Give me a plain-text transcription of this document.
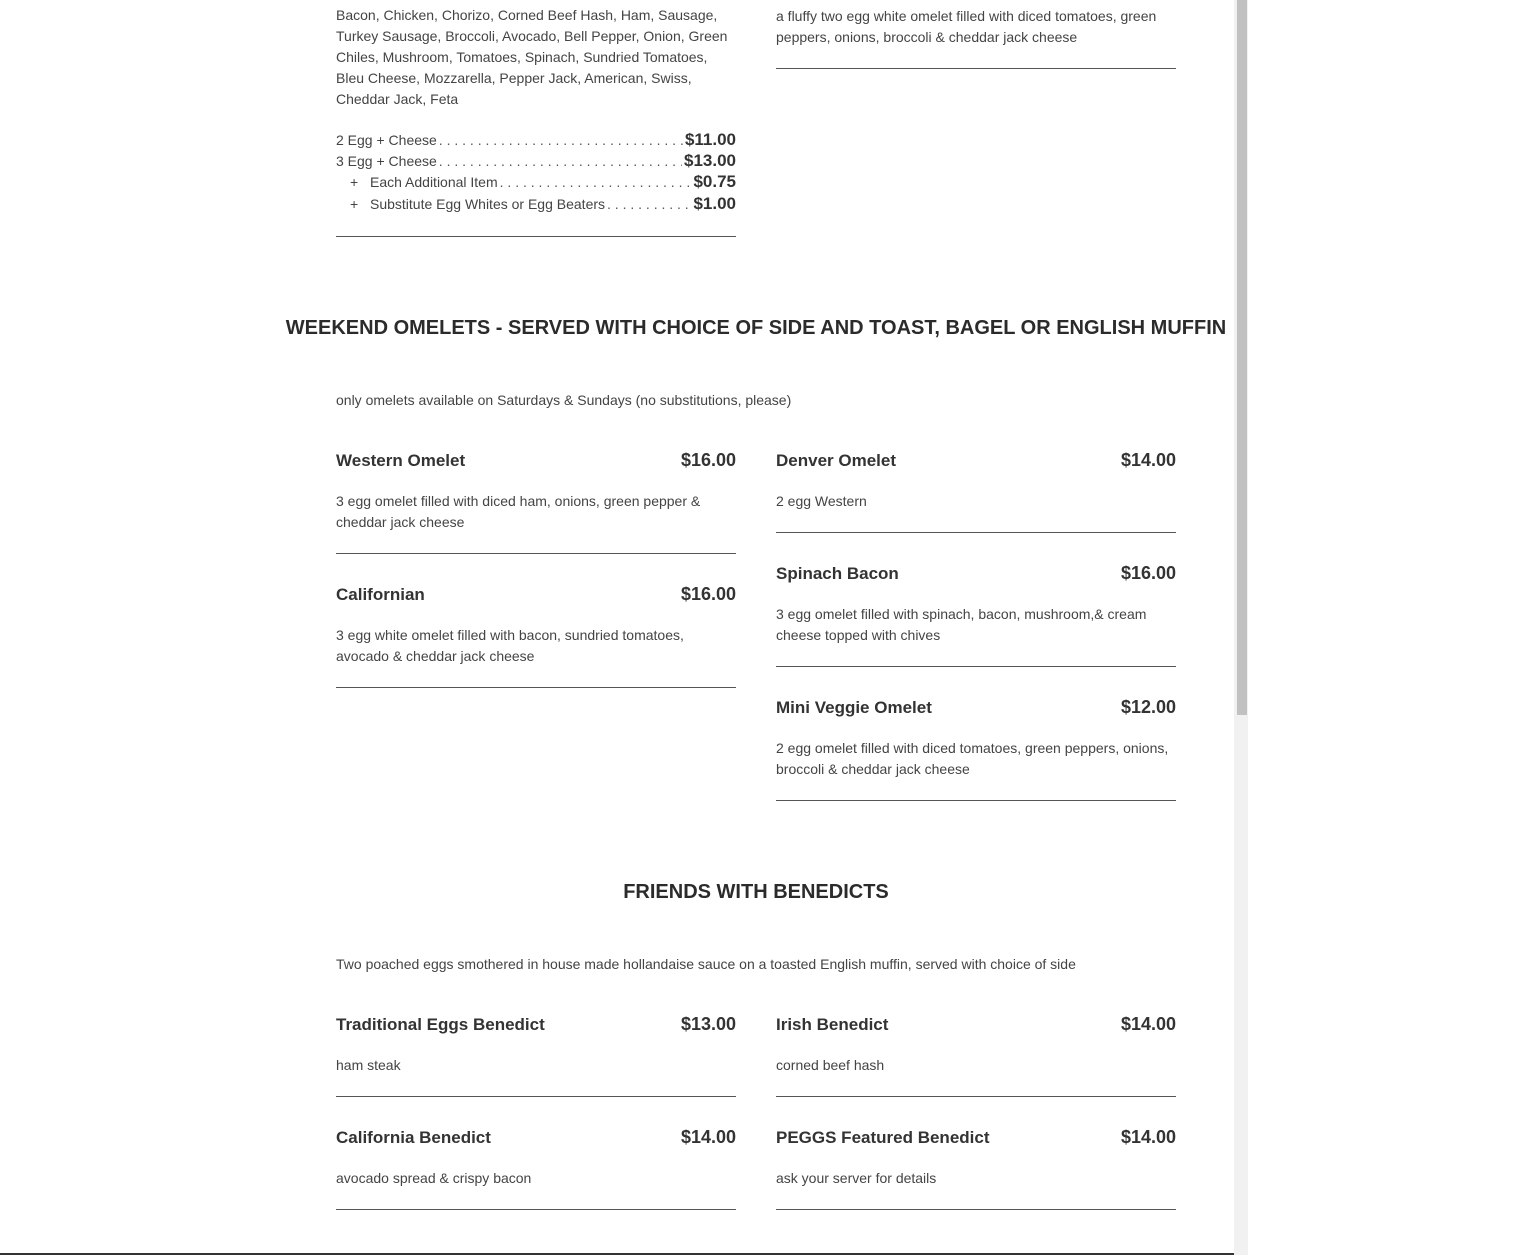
Bacon, Chicken, Chorizo, Corned Beef Hash, Ham, Sausage, Turkey Sausage, Broccoli, Avocado, Bell Pepper, Onion, Green Chiles, Mushroom, Tomatoes, Spinach, Sundried Tomatoes, Bleu Cheese, Mozzarella, Pepper Jack, American, Swiss, Cheddar Jack, Feta

a fluffy two egg white omelet filled with diced tomatoes, green peppers, onions, broccoli & cheddar jack cheese

2 Egg + Cheese . . .	$11.00
3 Egg + Cheese . . .	$13.00
+ Each Additional Item . . .	$0.75
+ Substitute Egg Whites or Egg Beaters . . .	$1.00
WEEKEND OMELETS - SERVED WITH CHOICE OF SIDE AND TOAST, BAGEL OR ENGLISH MUFFIN
only omelets available on Saturdays & Sundays (no substitutions, please)
Western Omelet	$16.00

3 egg omelet filled with diced ham, onions, green pepper & cheddar jack cheese

Denver Omelet	$14.00

2 egg Western

Californian	$16.00

3 egg white omelet filled with bacon, sundried tomatoes, avocado & cheddar jack cheese

Spinach Bacon	$16.00

3 egg omelet filled with spinach, bacon, mushroom,& cream cheese topped with chives

Mini Veggie Omelet	$12.00

2 egg omelet filled with diced tomatoes, green peppers, onions, broccoli & cheddar jack cheese

FRIENDS WITH BENEDICTS
Two poached eggs smothered in house made hollandaise sauce on a toasted English muffin, served with choice of side
Traditional Eggs Benedict	$13.00

ham steak

Irish Benedict	$14.00

corned beef hash

California Benedict	$14.00

avocado spread & crispy bacon

PEGGS Featured Benedict	$14.00

ask your server for details
